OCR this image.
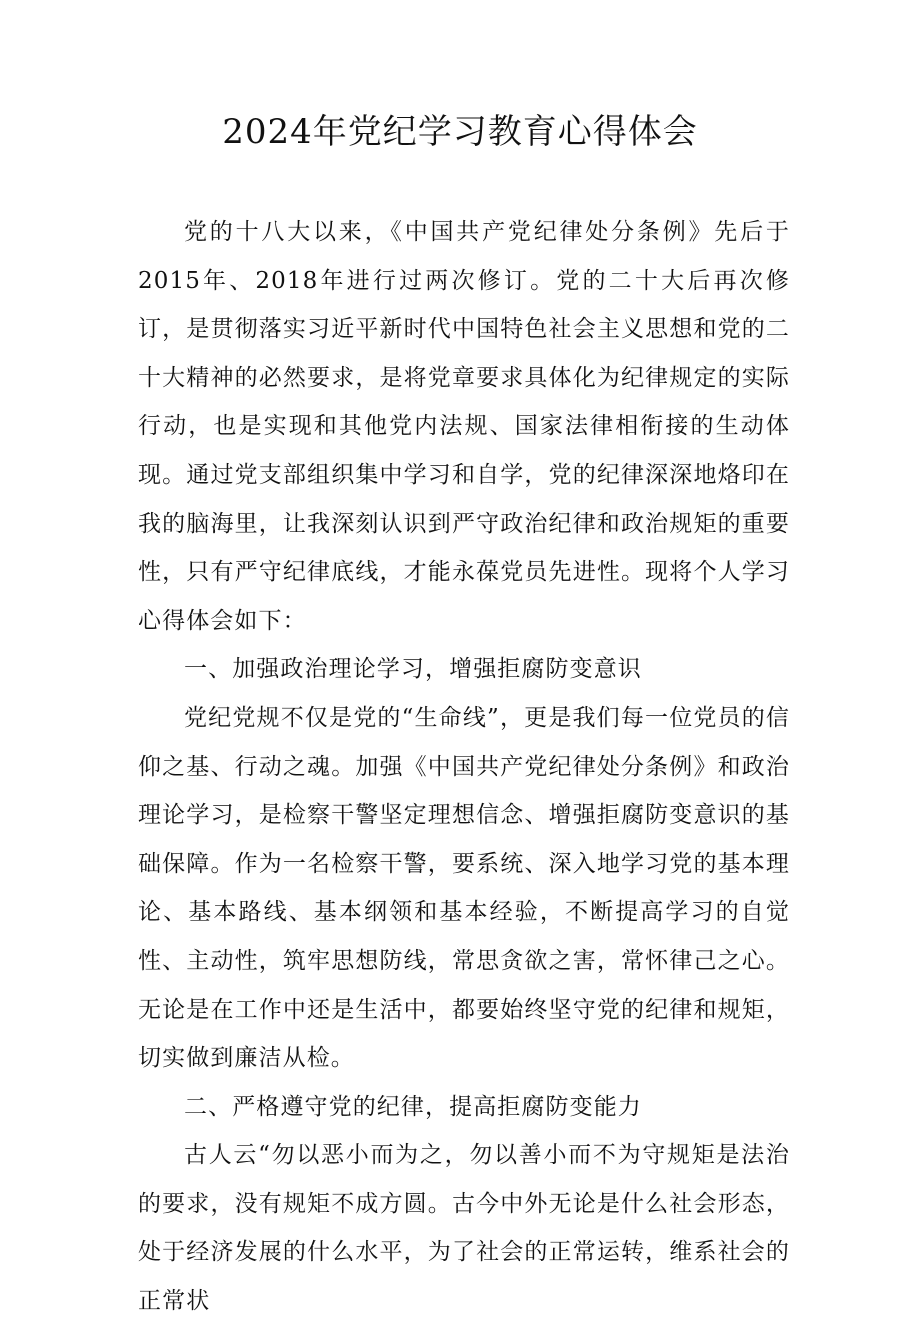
2024年党纪学习教育心得体会

党的十八大以来，《中国共产党纪律处分条例》先后于2015年、2018年进行过两次修订。党的二十大后再次修订，是贯彻落实习近平新时代中国特色社会主义思想和党的二十大精神的必然要求，是将党章要求具体化为纪律规定的实际行动，也是实现和其他党内法规、国家法律相衔接的生动体现。通过党支部组织集中学习和自学，党的纪律深深地烙印在我的脑海里，让我深刻认识到严守政治纪律和政治规矩的重要性，只有严守纪律底线，才能永葆党员先进性。现将个人学习心得体会如下：

一、加强政治理论学习，增强拒腐防变意识

党纪党规不仅是党的“生命线”，更是我们每一位党员的信仰之基、行动之魂。加强《中国共产党纪律处分条例》和政治理论学习，是检察干警坚定理想信念、增强拒腐防变意识的基础保障。作为一名检察干警，要系统、深入地学习党的基本理论、基本路线、基本纲领和基本经验，不断提高学习的自觉性、主动性，筑牢思想防线，常思贪欲之害，常怀律己之心。无论是在工作中还是生活中，都要始终坚守党的纪律和规矩，切实做到廉洁从检。

二、严格遵守党的纪律，提高拒腐防变能力

古人云“勿以恶小而为之，勿以善小而不为守规矩是法治的要求，没有规矩不成方圆。古今中外无论是什么社会形态，处于经济发展的什么水平，为了社会的正常运转，维系社会的正常状
